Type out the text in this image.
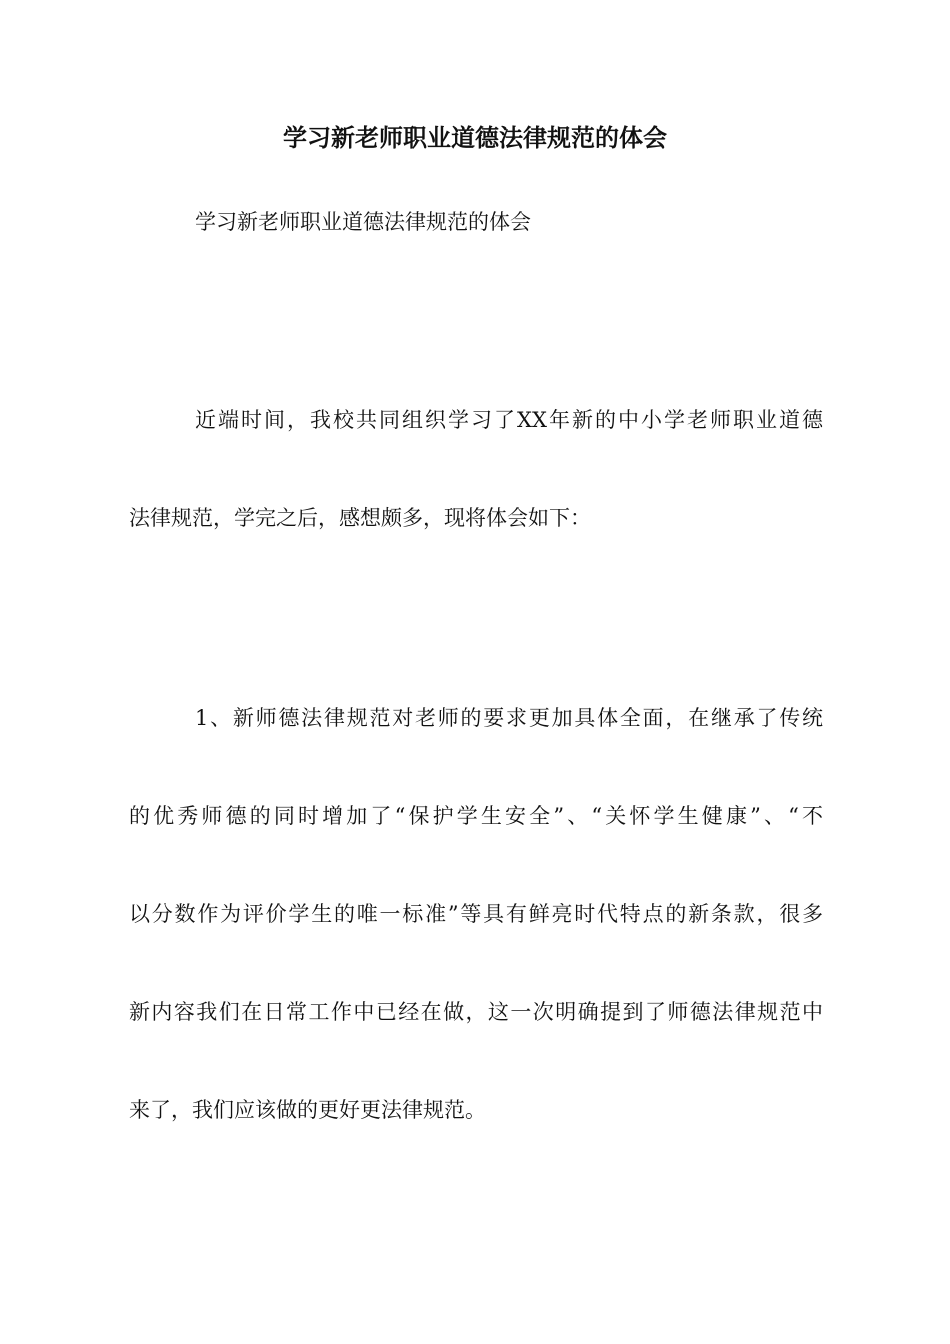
学习新老师职业道德法律规范的体会
学习新老师职业道德法律规范的体会
近端时间，我校共同组织学习了XX年新的中小学老师职业道德
法律规范，学完之后，感想颇多，现将体会如下：
1、新师德法律规范对老师的要求更加具体全面，在继承了传统
的优秀师德的同时增加了“保护学生安全”、“关怀学生健康”、“不
以分数作为评价学生的唯一标准”等具有鲜亮时代特点的新条款，很多
新内容我们在日常工作中已经在做，这一次明确提到了师德法律规范中
来了，我们应该做的更好更法律规范。
